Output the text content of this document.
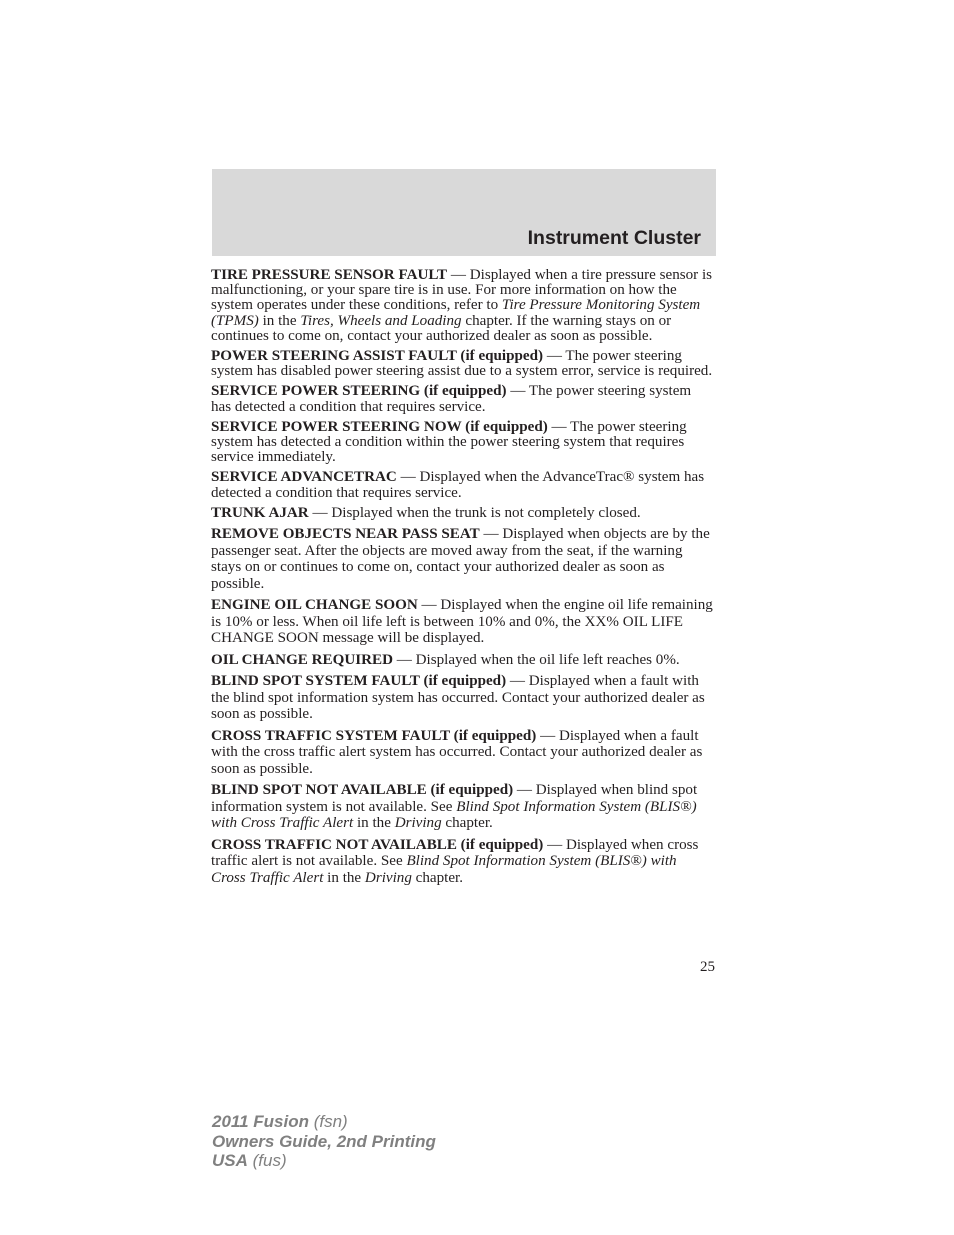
Instrument Cluster

TIRE PRESSURE SENSOR FAULT — Displayed when a tire pressure sensor is malfunctioning, or your spare tire is in use. For more information on how the system operates under these conditions, refer to Tire Pressure Monitoring System (TPMS) in the Tires, Wheels and Loading chapter. If the warning stays on or continues to come on, contact your authorized dealer as soon as possible.

POWER STEERING ASSIST FAULT (if equipped) — The power steering system has disabled power steering assist due to a system error, service is required.

SERVICE POWER STEERING (if equipped) — The power steering system has detected a condition that requires service.

SERVICE POWER STEERING NOW (if equipped) — The power steering system has detected a condition within the power steering system that requires service immediately.

SERVICE ADVANCETRAC — Displayed when the AdvanceTrac® system has detected a condition that requires service.

TRUNK AJAR — Displayed when the trunk is not completely closed.

REMOVE OBJECTS NEAR PASS SEAT — Displayed when objects are by the passenger seat. After the objects are moved away from the seat, if the warning stays on or continues to come on, contact your authorized dealer as soon as possible.

ENGINE OIL CHANGE SOON — Displayed when the engine oil life remaining is 10% or less. When oil life left is between 10% and 0%, the XX% OIL LIFE CHANGE SOON message will be displayed.

OIL CHANGE REQUIRED — Displayed when the oil life left reaches 0%.

BLIND SPOT SYSTEM FAULT (if equipped) — Displayed when a fault with the blind spot information system has occurred. Contact your authorized dealer as soon as possible.

CROSS TRAFFIC SYSTEM FAULT (if equipped) — Displayed when a fault with the cross traffic alert system has occurred. Contact your authorized dealer as soon as possible.

BLIND SPOT NOT AVAILABLE (if equipped) — Displayed when blind spot information system is not available. See Blind Spot Information System (BLIS®) with Cross Traffic Alert in the Driving chapter.

CROSS TRAFFIC NOT AVAILABLE (if equipped) — Displayed when cross traffic alert is not available. See Blind Spot Information System (BLIS®) with Cross Traffic Alert in the Driving chapter.

25
2011 Fusion (fsn)
Owners Guide, 2nd Printing
USA (fus)
